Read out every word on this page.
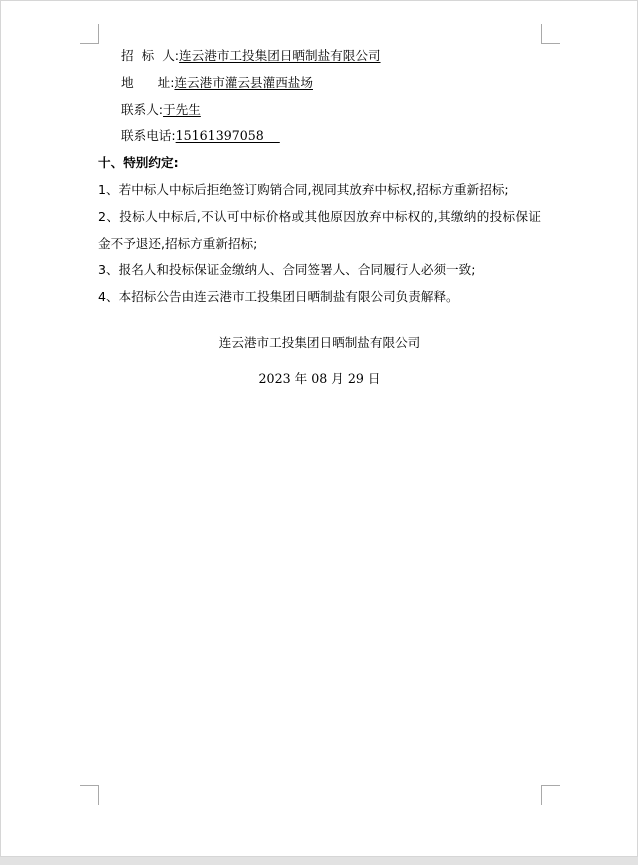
招  标  人:连云港市工投集团日晒制盐有限公司
地      址:连云港市灌云县灌西盐场
联系人:于先生
联系电话:15161397058
十、特别约定:
1、若中标人中标后拒绝签订购销合同,视同其放弃中标权,招标方重新招标;
2、投标人中标后,不认可中标价格或其他原因放弃中标权的,其缴纳的投标保证金不予退还,招标方重新招标;
3、报名人和投标保证金缴纳人、合同签署人、合同履行人必须一致;
4、本招标公告由连云港市工投集团日晒制盐有限公司负责解释。
连云港市工投集团日晒制盐有限公司
2023 年 08 月 29 日
